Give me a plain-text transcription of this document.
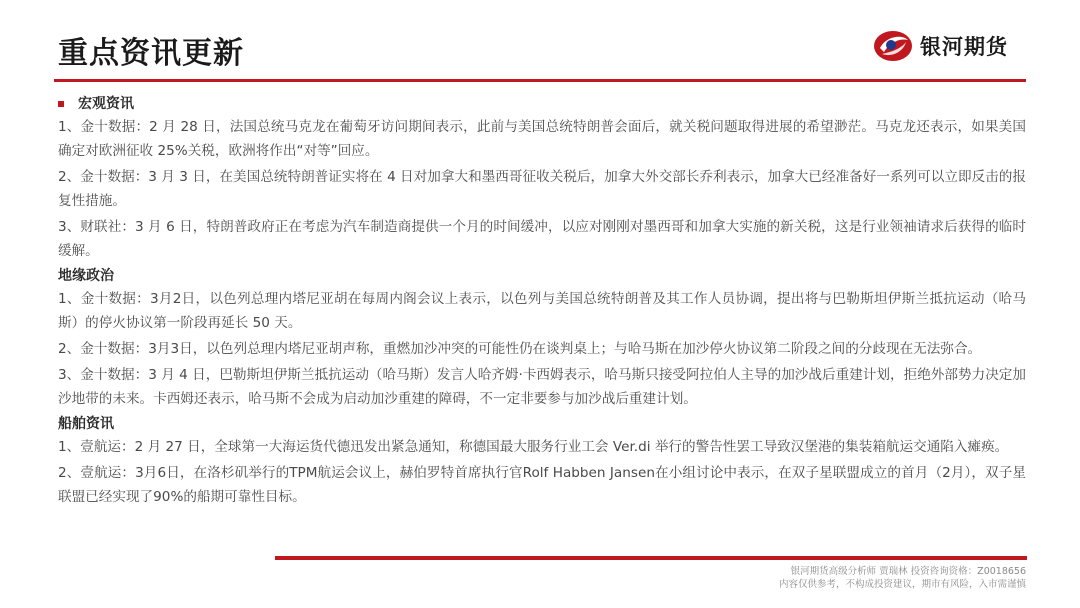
重点资讯更新	银河期货
宏观资讯

1、金十数据：2 月 28 日，法国总统马克龙在葡萄牙访问期间表示，此前与美国总统特朗普会面后，就关税问题取得进展的希望渺茫。马克龙还表示，如果美国确定对欧洲征收 25%关税，欧洲将作出“对等”回应。

2、金十数据：3 月 3 日，在美国总统特朗普证实将在 4 日对加拿大和墨西哥征收关税后，加拿大外交部长乔利表示，加拿大已经准备好一系列可以立即反击的报复性措施。

3、财联社：3 月 6 日，特朗普政府正在考虑为汽车制造商提供一个月的时间缓冲，以应对刚刚对墨西哥和加拿大实施的新关税，这是行业领袖请求后获得的临时缓解。

地缘政治

1、金十数据：3月2日，以色列总理内塔尼亚胡在每周内阁会议上表示，以色列与美国总统特朗普及其工作人员协调，提出将与巴勒斯坦伊斯兰抵抗运动（哈马斯）的停火协议第一阶段再延长 50 天。

2、金十数据：3月3日，以色列总理内塔尼亚胡声称，重燃加沙冲突的可能性仍在谈判桌上；与哈马斯在加沙停火协议第二阶段之间的分歧现在无法弥合。

3、金十数据：3 月 4 日，巴勒斯坦伊斯兰抵抗运动（哈马斯）发言人哈齐姆·卡西姆表示，哈马斯只接受阿拉伯人主导的加沙战后重建计划，拒绝外部势力决定加沙地带的未来。卡西姆还表示，哈马斯不会成为启动加沙重建的障碍，不一定非要参与加沙战后重建计划。

船舶资讯

1、壹航运：2 月 27 日，全球第一大海运货代德迅发出紧急通知，称德国最大服务行业工会 Ver.di 举行的警告性罢工导致汉堡港的集装箱航运交通陷入瘫痪。

2、壹航运：3月6日，在洛杉矶举行的TPM航运会议上，赫伯罗特首席执行官Rolf Habben Jansen在小组讨论中表示，在双子星联盟成立的首月（2月），双子星联盟已经实现了90%的船期可靠性目标。

银河期货高级分析师 贾瑞林 投资咨询资格：Z0018656
内容仅供参考，不构成投资建议，期市有风险，入市需谨慎
